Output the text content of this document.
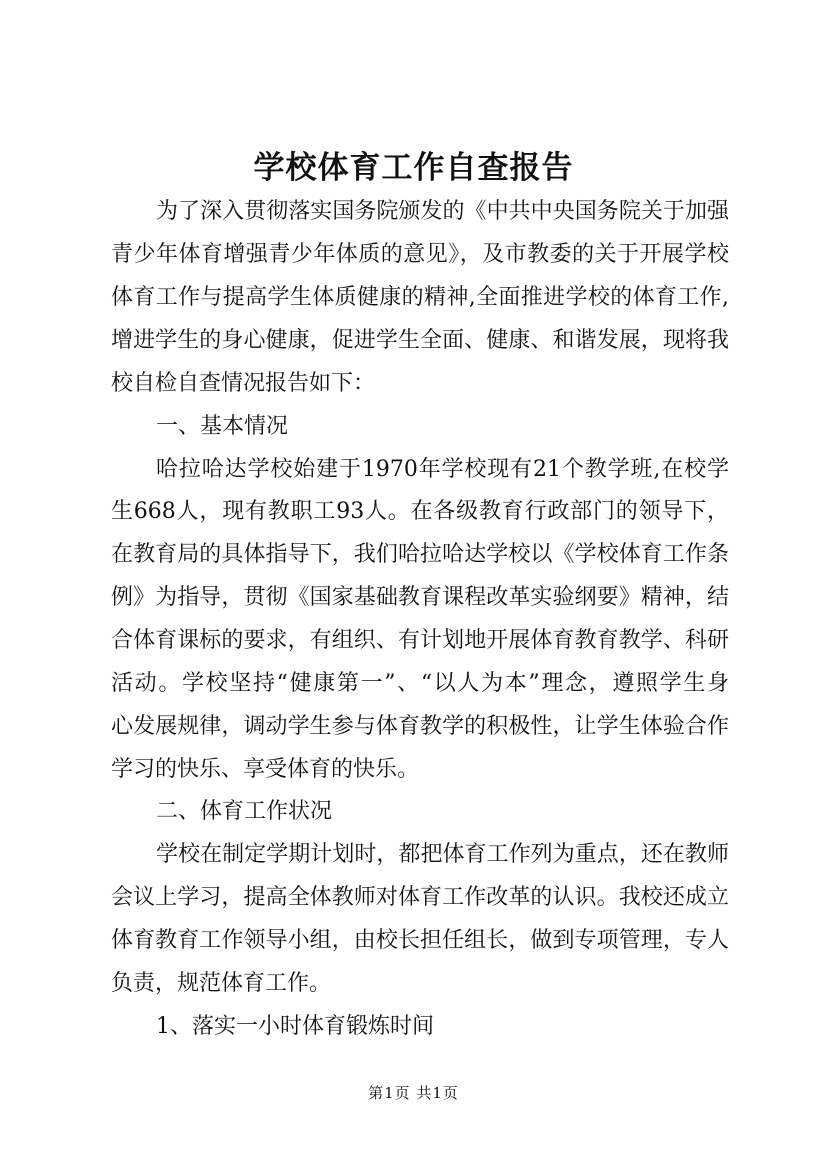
学校体育工作自查报告
为了深入贯彻落实国务院颁发的《中共中央国务院关于加强
青少年体育增强青少年体质的意见》，及市教委的关于开展学校
体育工作与提高学生体质健康的精神,全面推进学校的体育工作,
增进学生的身心健康，促进学生全面、健康、和谐发展，现将我
校自检自查情况报告如下：
一、基本情况
哈拉哈达学校始建于1970年学校现有21个教学班,在校学
生668人，现有教职工93人。在各级教育行政部门的领导下，
在教育局的具体指导下，我们哈拉哈达学校以《学校体育工作条
例》为指导，贯彻《国家基础教育课程改革实验纲要》精神，结
合体育课标的要求，有组织、有计划地开展体育教育教学、科研
活动。学校坚持“健康第一”、“以人为本”理念，遵照学生身
心发展规律，调动学生参与体育教学的积极性，让学生体验合作
学习的快乐、享受体育的快乐。
二、体育工作状况
学校在制定学期计划时，都把体育工作列为重点，还在教师
会议上学习，提高全体教师对体育工作改革的认识。我校还成立
体育教育工作领导小组，由校长担任组长，做到专项管理，专人
负责，规范体育工作。
1、落实一小时体育锻炼时间
第1页 共1页
